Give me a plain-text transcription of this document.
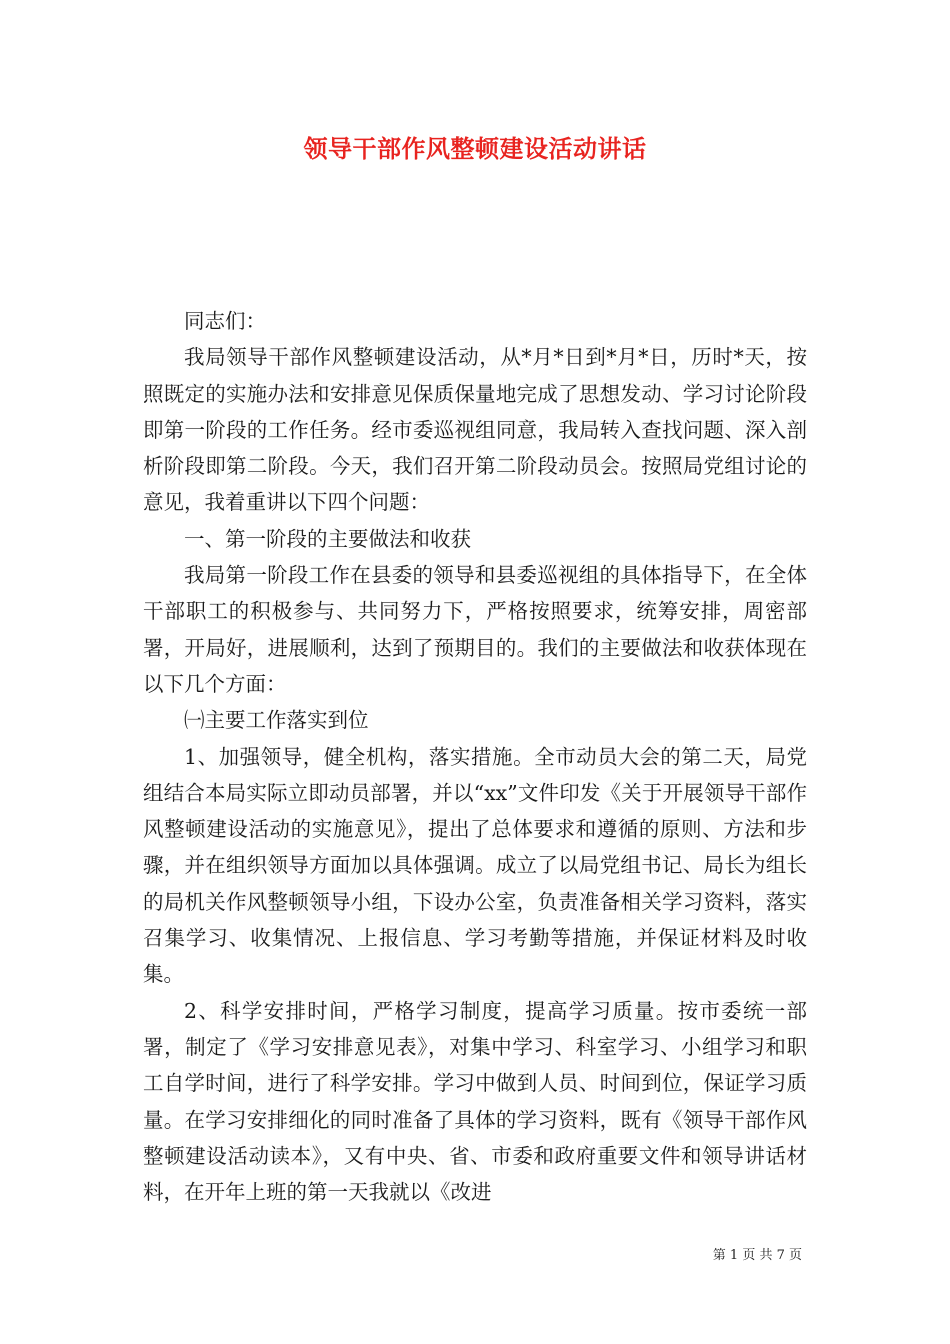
领导干部作风整顿建设活动讲话

同志们：

我局领导干部作风整顿建设活动，从*月*日到*月*日，历时*天，按照既定的实施办法和安排意见保质保量地完成了思想发动、学习讨论阶段即第一阶段的工作任务。经市委巡视组同意，我局转入查找问题、深入剖析阶段即第二阶段。今天，我们召开第二阶段动员会。按照局党组讨论的意见，我着重讲以下四个问题：

一、第一阶段的主要做法和收获

我局第一阶段工作在县委的领导和县委巡视组的具体指导下，在全体干部职工的积极参与、共同努力下，严格按照要求，统筹安排，周密部署，开局好，进展顺利，达到了预期目的。我们的主要做法和收获体现在以下几个方面：

㈠主要工作落实到位

1、加强领导，健全机构，落实措施。全市动员大会的第二天，局党组结合本局实际立即动员部署，并以“xx”文件印发《关于开展领导干部作风整顿建设活动的实施意见》，提出了总体要求和遵循的原则、方法和步骤，并在组织领导方面加以具体强调。成立了以局党组书记、局长为组长的局机关作风整顿领导小组，下设办公室，负责准备相关学习资料，落实召集学习、收集情况、上报信息、学习考勤等措施，并保证材料及时收集。

2、科学安排时间，严格学习制度，提高学习质量。按市委统一部署，制定了《学习安排意见表》，对集中学习、科室学习、小组学习和职工自学时间，进行了科学安排。学习中做到人员、时间到位，保证学习质量。在学习安排细化的同时准备了具体的学习资料，既有《领导干部作风整顿建设活动读本》，又有中央、省、市委和政府重要文件和领导讲话材料，在开年上班的第一天我就以《改进

第 1 页 共 7 页
